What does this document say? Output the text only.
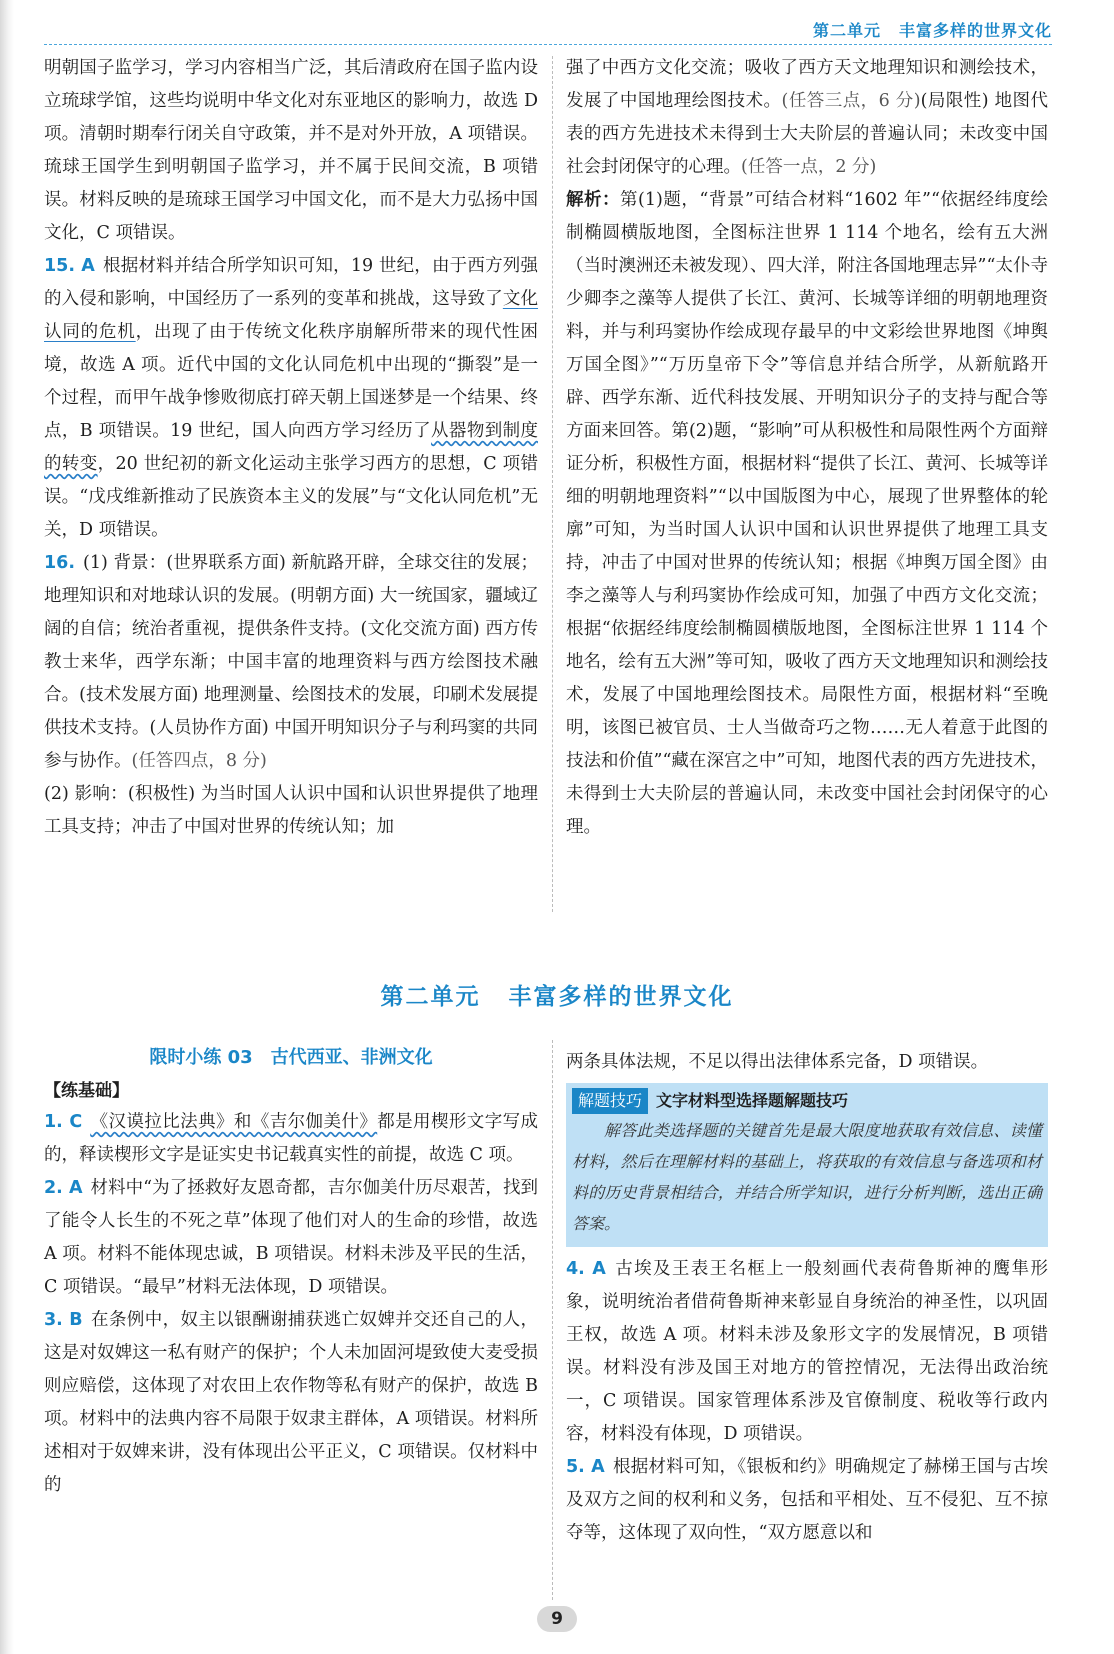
第二单元 丰富多样的世界文化

明朝国子监学习，学习内容相当广泛，其后清政府在国子监内设立琉球学馆，这些均说明中华文化对东亚地区的影响力，故选 D 项。清朝时期奉行闭关自守政策，并不是对外开放，A 项错误。琉球王国学生到明朝国子监学习，并不属于民间交流，B 项错误。材料反映的是琉球王国学习中国文化，而不是大力弘扬中国文化，C 项错误。

15. A 根据材料并结合所学知识可知，19 世纪，由于西方列强的入侵和影响，中国经历了一系列的变革和挑战，这导致了文化认同的危机，出现了由于传统文化秩序崩解所带来的现代性困境，故选 A 项。近代中国的文化认同危机中出现的“撕裂”是一个过程，而甲午战争惨败彻底打碎天朝上国迷梦是一个结果、终点，B 项错误。19 世纪，国人向西方学习经历了从器物到制度的转变，20 世纪初的新文化运动主张学习西方的思想，C 项错误。“戊戌维新推动了民族资本主义的发展”与“文化认同危机”无关，D 项错误。

16. (1) 背景：(世界联系方面) 新航路开辟，全球交往的发展；地理知识和对地球认识的发展。(明朝方面) 大一统国家，疆域辽阔的自信；统治者重视，提供条件支持。(文化交流方面) 西方传教士来华，西学东渐；中国丰富的地理资料与西方绘图技术融合。(技术发展方面) 地理测量、绘图技术的发展，印刷术发展提供技术支持。(人员协作方面) 中国开明知识分子与利玛窦的共同参与协作。(任答四点，8 分)

(2) 影响：(积极性) 为当时国人认识中国和认识世界提供了地理工具支持；冲击了中国对世界的传统认知；加

强了中西方文化交流；吸收了西方天文地理知识和测绘技术，发展了中国地理绘图技术。(任答三点，6 分)(局限性) 地图代表的西方先进技术未得到士大夫阶层的普遍认同；未改变中国社会封闭保守的心理。(任答一点，2 分)

解析：第(1)题，“背景”可结合材料“1602 年”“依据经纬度绘制椭圆横版地图，全图标注世界 1 114 个地名，绘有五大洲（当时澳洲还未被发现）、四大洋，附注各国地理志异”“太仆寺少卿李之藻等人提供了长江、黄河、长城等详细的明朝地理资料，并与利玛窦协作绘成现存最早的中文彩绘世界地图《坤舆万国全图》”“万历皇帝下令”等信息并结合所学，从新航路开辟、西学东渐、近代科技发展、开明知识分子的支持与配合等方面来回答。第(2)题，“影响”可从积极性和局限性两个方面辩证分析，积极性方面，根据材料“提供了长江、黄河、长城等详细的明朝地理资料”“以中国版图为中心，展现了世界整体的轮廓”可知，为当时国人认识中国和认识世界提供了地理工具支持，冲击了中国对世界的传统认知；根据《坤舆万国全图》由李之藻等人与利玛窦协作绘成可知，加强了中西方文化交流；根据“依据经纬度绘制椭圆横版地图，全图标注世界 1 114 个地名，绘有五大洲”等可知，吸收了西方天文地理知识和测绘技术，发展了中国地理绘图技术。局限性方面，根据材料“至晚明，该图已被官员、士人当做奇巧之物……无人着意于此图的技法和价值”“藏在深宫之中”可知，地图代表的西方先进技术，未得到士大夫阶层的普遍认同，未改变中国社会封闭保守的心理。

第二单元 丰富多样的世界文化
限时小练 03 古代西亚、非洲文化
【练基础】

1. C 《汉谟拉比法典》和《吉尔伽美什》都是用楔形文字写成的，释读楔形文字是证实史书记载真实性的前提，故选 C 项。

2. A 材料中“为了拯救好友恩奇都，吉尔伽美什历尽艰苦，找到了能令人长生的不死之草”体现了他们对人的生命的珍惜，故选 A 项。材料不能体现忠诚，B 项错误。材料未涉及平民的生活，C 项错误。“最早”材料无法体现，D 项错误。

3. B 在条例中，奴主以银酬谢捕获逃亡奴婢并交还自己的人，这是对奴婢这一私有财产的保护；个人未加固河堤致使大麦受损则应赔偿，这体现了对农田上农作物等私有财产的保护，故选 B 项。材料中的法典内容不局限于奴隶主群体，A 项错误。材料所述相对于奴婢来讲，没有体现出公平正义，C 项错误。仅材料中的

两条具体法规，不足以得出法律体系完备，D 项错误。

解题技巧 文字材料型选择题解题技巧

解答此类选择题的关键首先是最大限度地获取有效信息、读懂材料，然后在理解材料的基础上，将获取的有效信息与备选项和材料的历史背景相结合，并结合所学知识，进行分析判断，选出正确答案。

4. A 古埃及王表王名框上一般刻画代表荷鲁斯神的鹰隼形象，说明统治者借荷鲁斯神来彰显自身统治的神圣性，以巩固王权，故选 A 项。材料未涉及象形文字的发展情况，B 项错误。材料没有涉及国王对地方的管控情况，无法得出政治统一，C 项错误。国家管理体系涉及官僚制度、税收等行政内容，材料没有体现，D 项错误。

5. A 根据材料可知，《银板和约》明确规定了赫梯王国与古埃及双方之间的权利和义务，包括和平相处、互不侵犯、互不掠夺等，这体现了双向性，“双方愿意以和

9
